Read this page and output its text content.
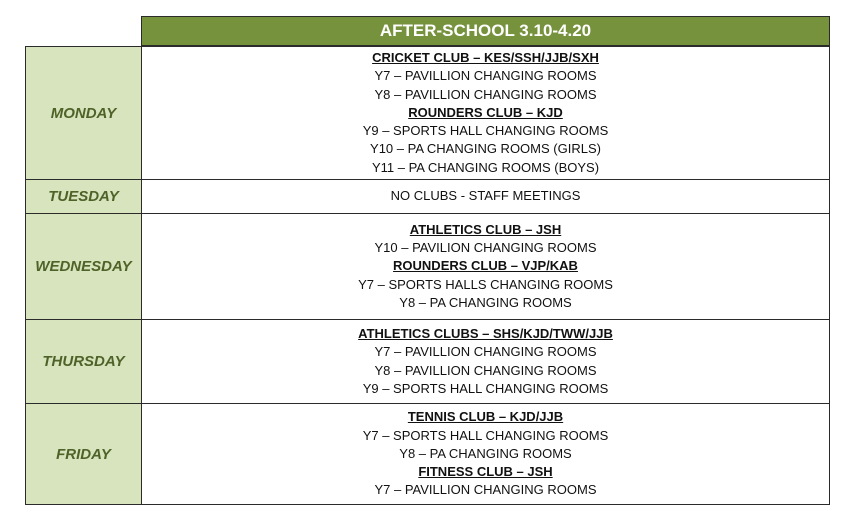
AFTER-SCHOOL 3.10-4.20
MONDAY
CRICKET CLUB – KES/SSH/JJB/SXH
Y7 – PAVILLION CHANGING ROOMS
Y8 – PAVILLION CHANGING ROOMS
ROUNDERS CLUB – KJD
Y9 – SPORTS HALL CHANGING ROOMS
Y10 – PA CHANGING ROOMS (GIRLS)
Y11 – PA CHANGING ROOMS (BOYS)
TUESDAY	NO CLUBS - STAFF MEETINGS
WEDNESDAY
ATHLETICS CLUB – JSH
Y10 – PAVILION CHANGING ROOMS
ROUNDERS CLUB – VJP/KAB
Y7 – SPORTS HALLS CHANGING ROOMS
Y8 – PA CHANGING ROOMS
THURSDAY
ATHLETICS CLUBS – SHS/KJD/TWW/JJB
Y7 – PAVILLION CHANGING ROOMS
Y8 – PAVILLION CHANGING ROOMS
Y9 – SPORTS HALL CHANGING ROOMS
FRIDAY
TENNIS CLUB – KJD/JJB
Y7 – SPORTS HALL CHANGING ROOMS
Y8 – PA CHANGING ROOMS
FITNESS CLUB – JSH
Y7 – PAVILLION CHANGING ROOMS
